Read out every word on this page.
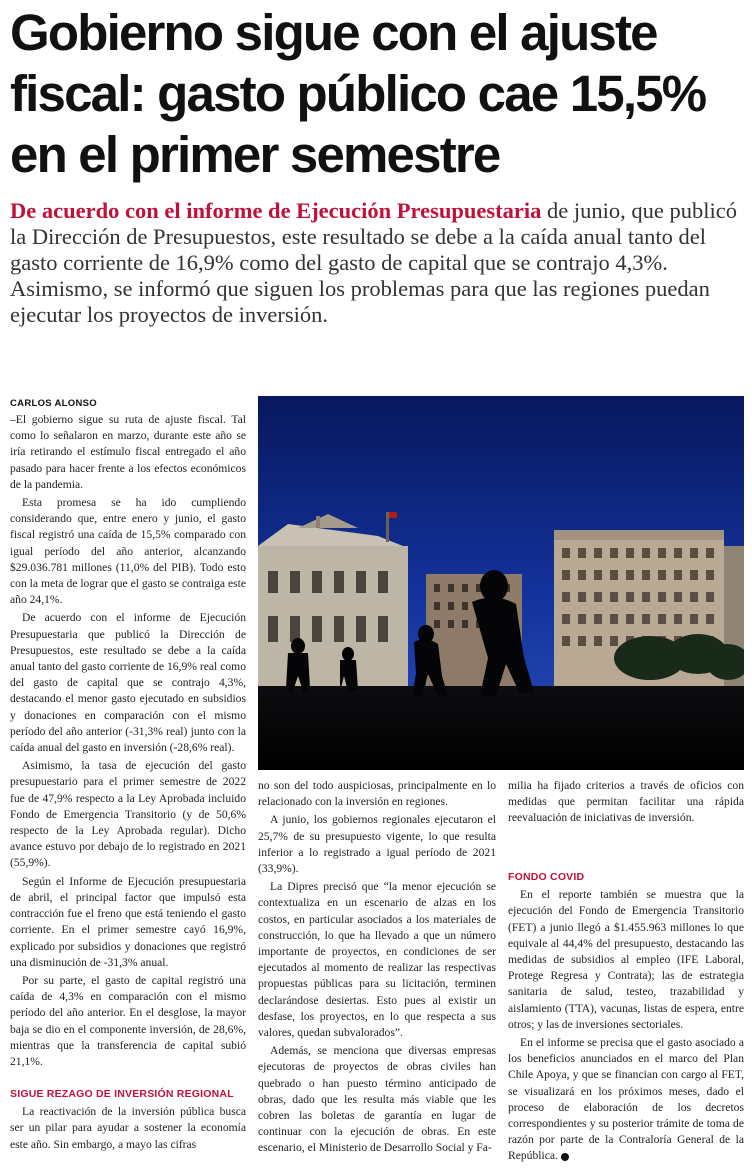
Gobierno sigue con el ajuste fiscal: gasto público cae 15,5% en el primer semestre

De acuerdo con el informe de Ejecución Presupuestaria de junio, que publicó la Dirección de Presupuestos, este resultado se debe a la caída anual tanto del gasto corriente de 16,9% como del gasto de capital que se contrajo 4,3%. Asimismo, se informó que siguen los problemas para que las regiones puedan ejecutar los proyectos de inversión.

CARLOS ALONSO

–El gobierno sigue su ruta de ajuste fiscal. Tal como lo señalaron en marzo, durante este año se iría retirando el estímulo fiscal entregado el año pasado para hacer frente a los efectos económicos de la pandemia.

Esta promesa se ha ido cumpliendo considerando que, entre enero y junio, el gasto fiscal registró una caída de 15,5% comparado con igual período del año anterior, alcanzando $29.036.781 millones (11,0% del PIB). Todo esto con la meta de lograr que el gasto se contraiga este año 24,1%.

De acuerdo con el informe de Ejecución Presupuestaria que publicó la Dirección de Presupuestos, este resultado se debe a la caída anual tanto del gasto corriente de 16,9% real como del gasto de capital que se contrajo 4,3%, destacando el menor gasto ejecutado en subsidios y donaciones en comparación con el mismo período del año anterior (-31,3% real) junto con la caída anual del gasto en inversión (-28,6% real).

Asimismo, la tasa de ejecución del gasto presupuestario para el primer semestre de 2022 fue de 47,9% respecto a la Ley Aprobada incluido Fondo de Emergencia Transitorio (y de 50,6% respecto de la Ley Aprobada regular). Dicho avance estuvo por debajo de lo registrado en 2021 (55,9%).

Según el Informe de Ejecución presupuestaria de abril, el principal factor que impulsó esta contracción fue el freno que está teniendo el gasto corriente. En el primer semestre cayó 16,9%, explicado por subsidios y donaciones que registró una disminución de -31,3% anual.

Por su parte, el gasto de capital registró una caída de 4,3% en comparación con el mismo período del año anterior. En el desglose, la mayor baja se dio en el componente inversión, de 28,6%, mientras que la transferencia de capital subió 21,1%.

SIGUE REZAGO DE INVERSIÓN REGIONAL

La reactivación de la inversión pública busca ser un pilar para ayudar a sostener la economía este año. Sin embargo, a mayo las cifras

no son del todo auspiciosas, principalmente en lo relacionado con la inversión en regiones.

A junio, los gobiernos regionales ejecutaron el 25,7% de su presupuesto vigente, lo que resulta inferior a lo registrado a igual período de 2021 (33,9%).

La Dipres precisó que “la menor ejecución se contextualiza en un escenario de alzas en los costos, en particular asociados a los materiales de construcción, lo que ha llevado a que un número importante de proyectos, en condiciones de ser ejecutados al momento de realizar las respectivas propuestas públicas para su licitación, terminen declarándose desiertas. Esto pues al existir un desfase, los proyectos, en lo que respecta a sus valores, quedan subvalorados”.

Además, se menciona que diversas empresas ejecutoras de proyectos de obras civiles han quebrado o han puesto término anticipado de obras, dado que les resulta más viable que les cobren las boletas de garantía en lugar de continuar con la ejecución de obras. En este escenario, el Ministerio de Desarrollo Social y Fa-

milia ha fijado criterios a través de oficios con medidas que permitan facilitar una rápida reevaluación de iniciativas de inversión.

FONDO COVID

En el reporte también se muestra que la ejecución del Fondo de Emergencia Transitorio (FET) a junio llegó a $1.455.963 millones lo que equivale al 44,4% del presupuesto, destacando las medidas de subsidios al empleo (IFE Laboral, Protege Regresa y Contrata); las de estrategia sanitaria de salud, testeo, trazabilidad y aislamiento (TTA), vacunas, listas de espera, entre otros; y las de inversiones sectoriales.

En el informe se precisa que el gasto asociado a los beneficios anunciados en el marco del Plan Chile Apoya, y que se financian con cargo al FET, se visualizará en los próximos meses, dado el proceso de elaboración de los decretos correspondientes y su posterior trámite de toma de razón por parte de la Contraloría General de la República.
